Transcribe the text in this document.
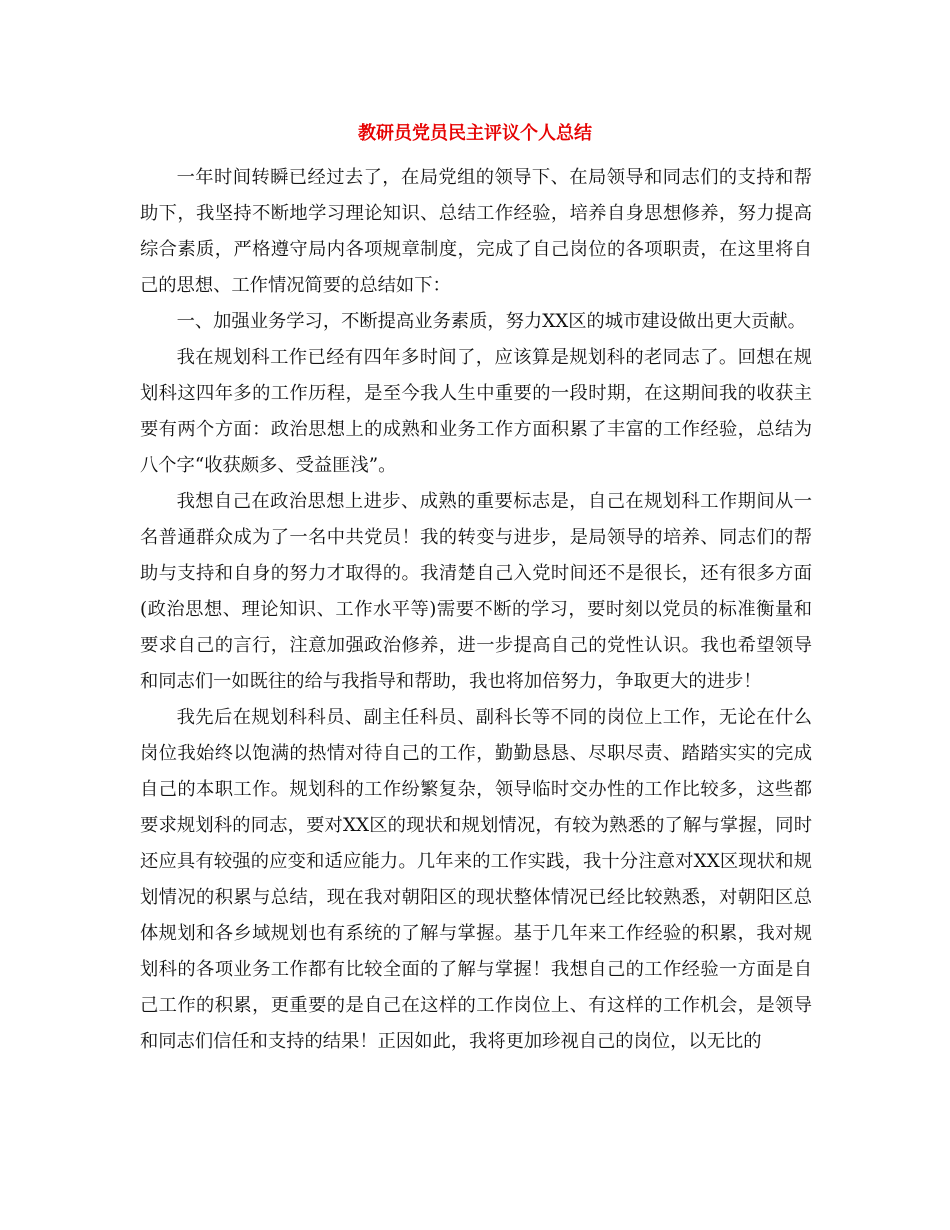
教研员党员民主评议个人总结

一年时间转瞬已经过去了，在局党组的领导下、在局领导和同志们的支持和帮助下，我坚持不断地学习理论知识、总结工作经验，培养自身思想修养，努力提高综合素质，严格遵守局内各项规章制度，完成了自己岗位的各项职责，在这里将自己的思想、工作情况简要的总结如下：

一、加强业务学习，不断提高业务素质，努力XX区的城市建设做出更大贡献。

我在规划科工作已经有四年多时间了，应该算是规划科的老同志了。回想在规划科这四年多的工作历程，是至今我人生中重要的一段时期，在这期间我的收获主要有两个方面：政治思想上的成熟和业务工作方面积累了丰富的工作经验，总结为八个字“收获颇多、受益匪浅”。

我想自己在政治思想上进步、成熟的重要标志是，自己在规划科工作期间从一名普通群众成为了一名中共党员！我的转变与进步，是局领导的培养、同志们的帮助与支持和自身的努力才取得的。我清楚自己入党时间还不是很长，还有很多方面(政治思想、理论知识、工作水平等)需要不断的学习，要时刻以党员的标准衡量和要求自己的言行，注意加强政治修养，进一步提高自己的党性认识。我也希望领导和同志们一如既往的给与我指导和帮助，我也将加倍努力，争取更大的进步！

我先后在规划科科员、副主任科员、副科长等不同的岗位上工作，无论在什么岗位我始终以饱满的热情对待自己的工作，勤勤恳恳、尽职尽责、踏踏实实的完成自己的本职工作。规划科的工作纷繁复杂，领导临时交办性的工作比较多，这些都要求规划科的同志，要对XX区的现状和规划情况，有较为熟悉的了解与掌握，同时还应具有较强的应变和适应能力。几年来的工作实践，我十分注意对XX区现状和规划情况的积累与总结，现在我对朝阳区的现状整体情况已经比较熟悉，对朝阳区总体规划和各乡域规划也有系统的了解与掌握。基于几年来工作经验的积累，我对规划科的各项业务工作都有比较全面的了解与掌握！我想自己的工作经验一方面是自己工作的积累，更重要的是自己在这样的工作岗位上、有这样的工作机会，是领导和同志们信任和支持的结果！正因如此，我将更加珍视自己的岗位，以无比的
